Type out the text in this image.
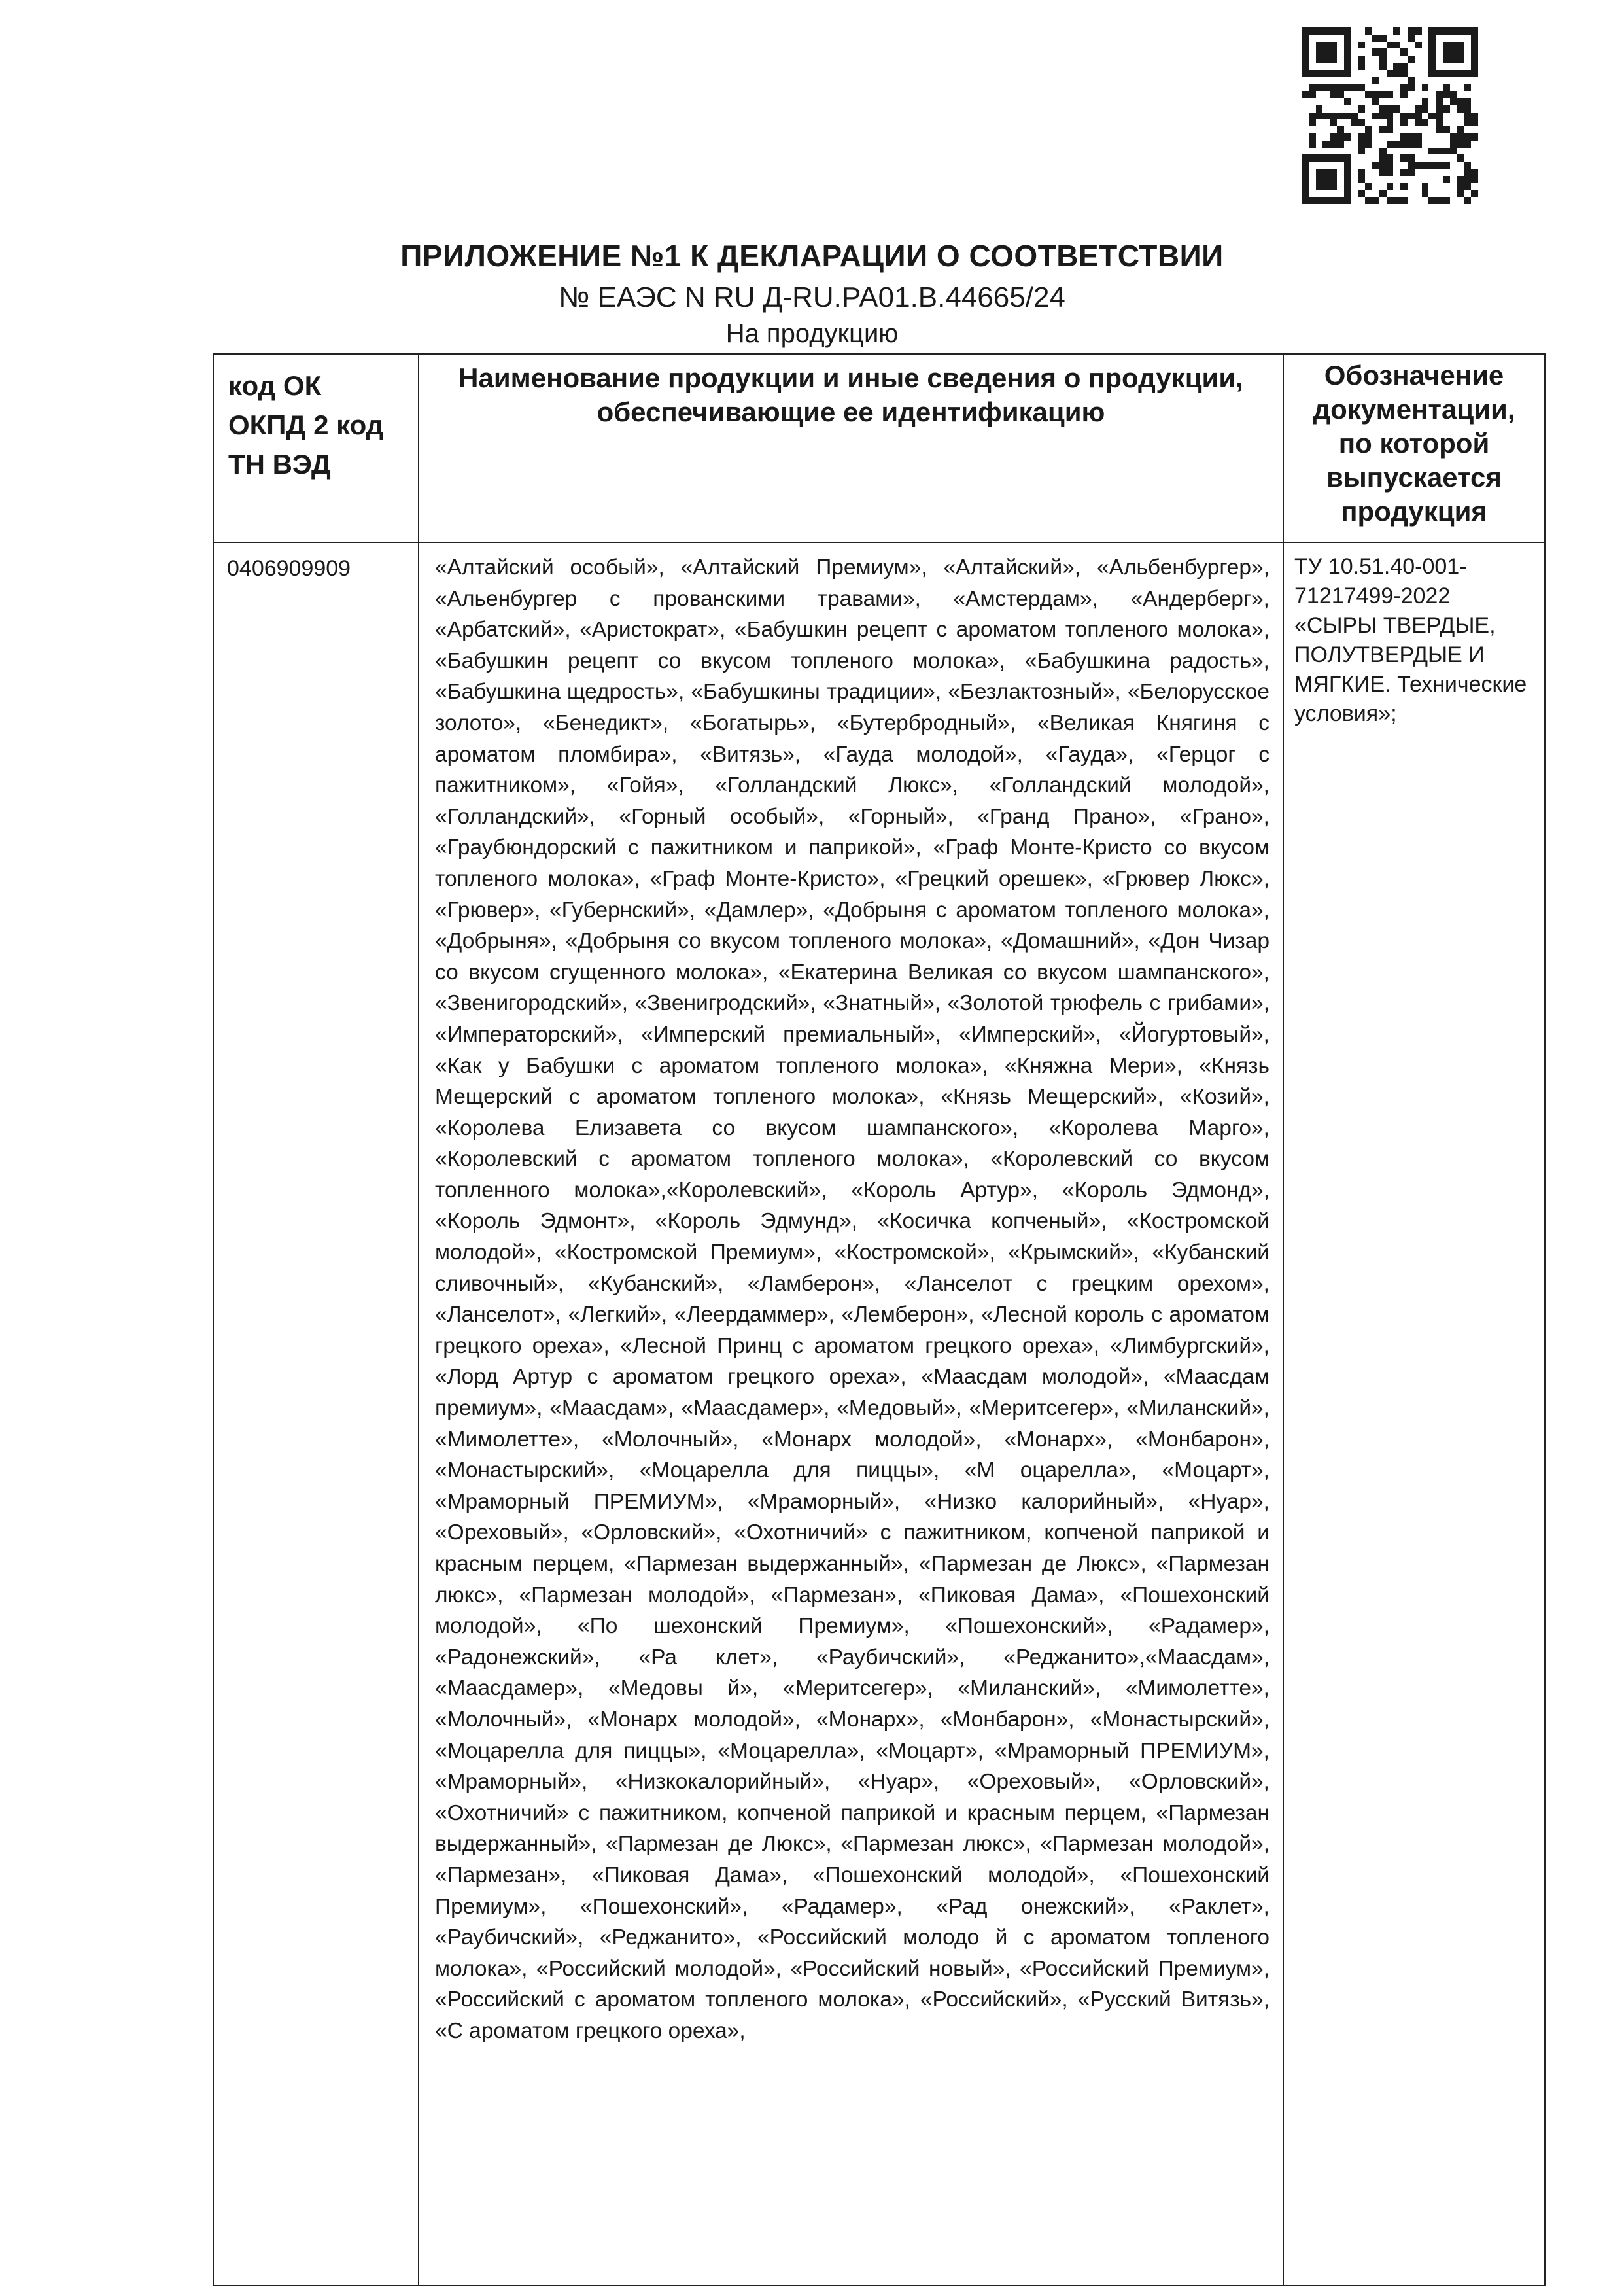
ПРИЛОЖЕНИЕ №1 К ДЕКЛАРАЦИИ О СООТВЕТСТВИИ
№ ЕАЭС N RU Д-RU.РА01.В.44665/24
На продукцию
код ОК ОКПД 2 код ТН ВЭД	Наименование продукции и иные сведения о продукции, обеспечивающие ее идентификацию	Обозначение документации, по которой выпускается продукция
0406909909	«Алтайский особый», «Алтайский Премиум», «Алтайский», «Альбенбургер», «Альенбургер с прованскими травами», «Амстердам», «Андерберг», «Арбатский», «Аристократ», «Бабушкин рецепт с ароматом топленого молока», «Бабушкин рецепт со вкусом топленого молока», «Бабушкина радость», «Бабушкина щедрость», «Бабушкины традиции», «Безлактозный», «Белорусское золото», «Бенедикт», «Богатырь», «Бутербродный», «Великая Княгиня с ароматом пломбира», «Витязь», «Гауда молодой», «Гауда», «Герцог с пажитником», «Гойя», «Голландский Люкс», «Голландский молодой», «Голландский», «Горный особый», «Горный», «Гранд Прано», «Грано», «Граубюндорский с пажитником и паприкой», «Граф Монте-Кристо со вкусом топленого молока», «Граф Монте-Кристо», «Грецкий орешек», «Грювер Люкс», «Грювер», «Губернский», «Дамлер», «Добрыня с ароматом топленого молока», «Добрыня», «Добрыня со вкусом топленого молока», «Домашний», «Дон Чизар со вкусом сгущенного молока», «Екатерина Великая со вкусом шампанского», «Звенигородский», «Звенигродский», «Знатный», «Золотой трюфель с грибами», «Императорский», «Имперский премиальный», «Имперский», «Йогуртовый», «Как у Бабушки с ароматом топленого молока», «Княжна Мери», «Князь Мещерский с ароматом топленого молока», «Князь Мещерский», «Козий», «Королева Елизавета со вкусом шампанского», «Королева Марго», «Королевский с ароматом топленого молока», «Королевский со вкусом топленного молока»,«Королевский», «Король Артур», «Король Эдмонд», «Король Эдмонт», «Король Эдмунд», «Косичка копченый», «Костромской молодой», «Костромской Премиум», «Костромской», «Крымский», «Кубанский сливочный», «Кубанский», «Ламберон», «Ланселот с грецким орехом», «Ланселот», «Легкий», «Леердаммер», «Лемберон», «Лесной король с ароматом грецкого ореха», «Лесной Принц с ароматом грецкого ореха», «Лимбургский», «Лорд Артур с ароматом грецкого ореха», «Маасдам молодой», «Маасдам премиум», «Маасдам», «Маасдамер», «Медовый», «Меритсегер», «Миланский», «Мимолетте», «Молочный», «Монарх молодой», «Монарх», «Монбарон», «Монастырский», «Моцарелла для пиццы», «М оцарелла», «Моцарт», «Мраморный ПРЕМИУМ», «Мраморный», «Низко калорийный», «Нуар», «Ореховый», «Орловский», «Охотничий» с пажитником, копченой паприкой и красным перцем, «Пармезан выдержанный», «Пармезан де Люкс», «Пармезан люкс», «Пармезан молодой», «Пармезан», «Пиковая Дама», «Пошехонский молодой», «По шехонский Премиум», «Пошехонский», «Радамер», «Радонежский», «Ра клет», «Раубичский», «Реджанито»,«Маасдам», «Маасдамер», «Медовы й», «Меритсегер», «Миланский», «Мимолетте», «Молочный», «Монарх молодой», «Монарх», «Монбарон», «Монастырский», «Моцарелла для пиццы», «Моцарелла», «Моцарт», «Мраморный ПРЕМИУМ», «Мраморный», «Низкокалорийный», «Нуар», «Ореховый», «Орловский», «Охотничий» с пажитником, копченой паприкой и красным перцем, «Пармезан выдержанный», «Пармезан де Люкс», «Пармезан люкс», «Пармезан молодой», «Пармезан», «Пиковая Дама», «Пошехонский молодой», «Пошехонский Премиум», «Пошехонский», «Радамер», «Рад онежский», «Раклет», «Раубичский», «Реджанито», «Российский молодо й с ароматом топленого молока», «Российский молодой», «Российский новый», «Российский Премиум», «Российский с ароматом топленого молока», «Российский», «Русский Витязь», «С ароматом грецкого ореха»,	ТУ 10.51.40-001-71217499-2022 «СЫРЫ ТВЕРДЫЕ, ПОЛУТВЕРДЫЕ И МЯГКИЕ. Технические условия»;
